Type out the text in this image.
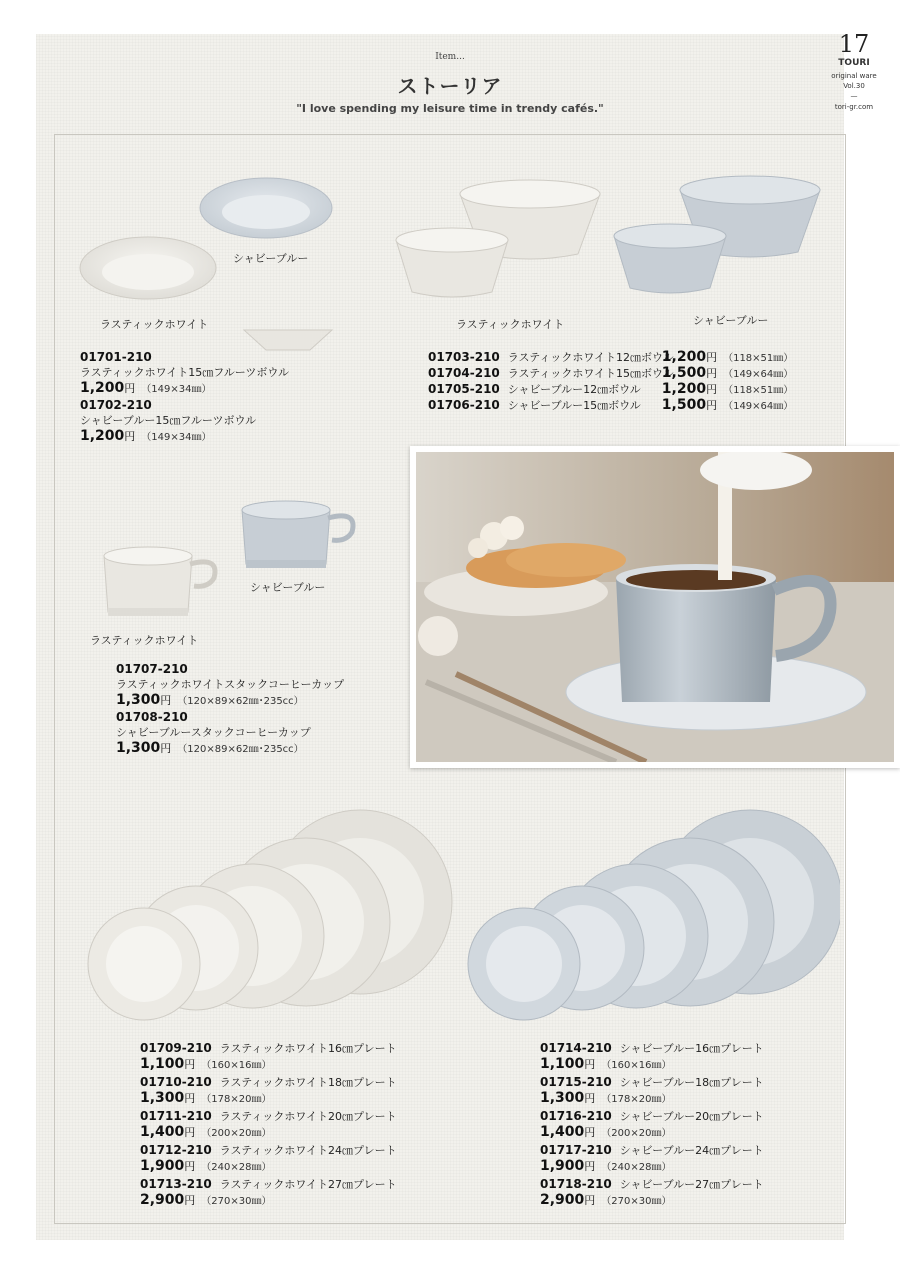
Item...
ストーリア
"I love spending my leisure time in trendy cafés."
17
TOURI
original ware
Vol.30
—
tori-gr.com
シャビーブルー
ラスティックホワイト
01701-210
ラスティックホワイト15㎝フルーツボウル
1,200円 （149×34㎜）
01702-210
シャビーブルー15㎝フルーツボウル
1,200円 （149×34㎜）
ラスティックホワイト	シャビーブルー
01703-210 ラスティックホワイト12㎝ボウル
1,200円 （118×51㎜）
01704-210 ラスティックホワイト15㎝ボウル
1,500円 （149×64㎜）
01705-210 シャビーブルー12㎝ボウル	1,200円 （118×51㎜）
01706-210 シャビーブルー15㎝ボウル	1,500円 （149×64㎜）
シャビーブルー
ラスティックホワイト
01707-210
ラスティックホワイトスタックコーヒーカップ
1,300円 （120×89×62㎜･235cc）
01708-210
シャビーブルースタックコーヒーカップ
1,300円 （120×89×62㎜･235cc）
01709-210 ラスティックホワイト16㎝プレート
1,100円 （160×16㎜）
01710-210 ラスティックホワイト18㎝プレート
1,300円 （178×20㎜）
01711-210 ラスティックホワイト20㎝プレート
1,400円 （200×20㎜）
01712-210 ラスティックホワイト24㎝プレート
1,900円 （240×28㎜）
01713-210 ラスティックホワイト27㎝プレート
2,900円 （270×30㎜）
01714-210 シャビーブルー16㎝プレート
1,100円 （160×16㎜）
01715-210 シャビーブルー18㎝プレート
1,300円 （178×20㎜）
01716-210 シャビーブルー20㎝プレート
1,400円 （200×20㎜）
01717-210 シャビーブルー24㎝プレート
1,900円 （240×28㎜）
01718-210 シャビーブルー27㎝プレート
2,900円 （270×30㎜）
